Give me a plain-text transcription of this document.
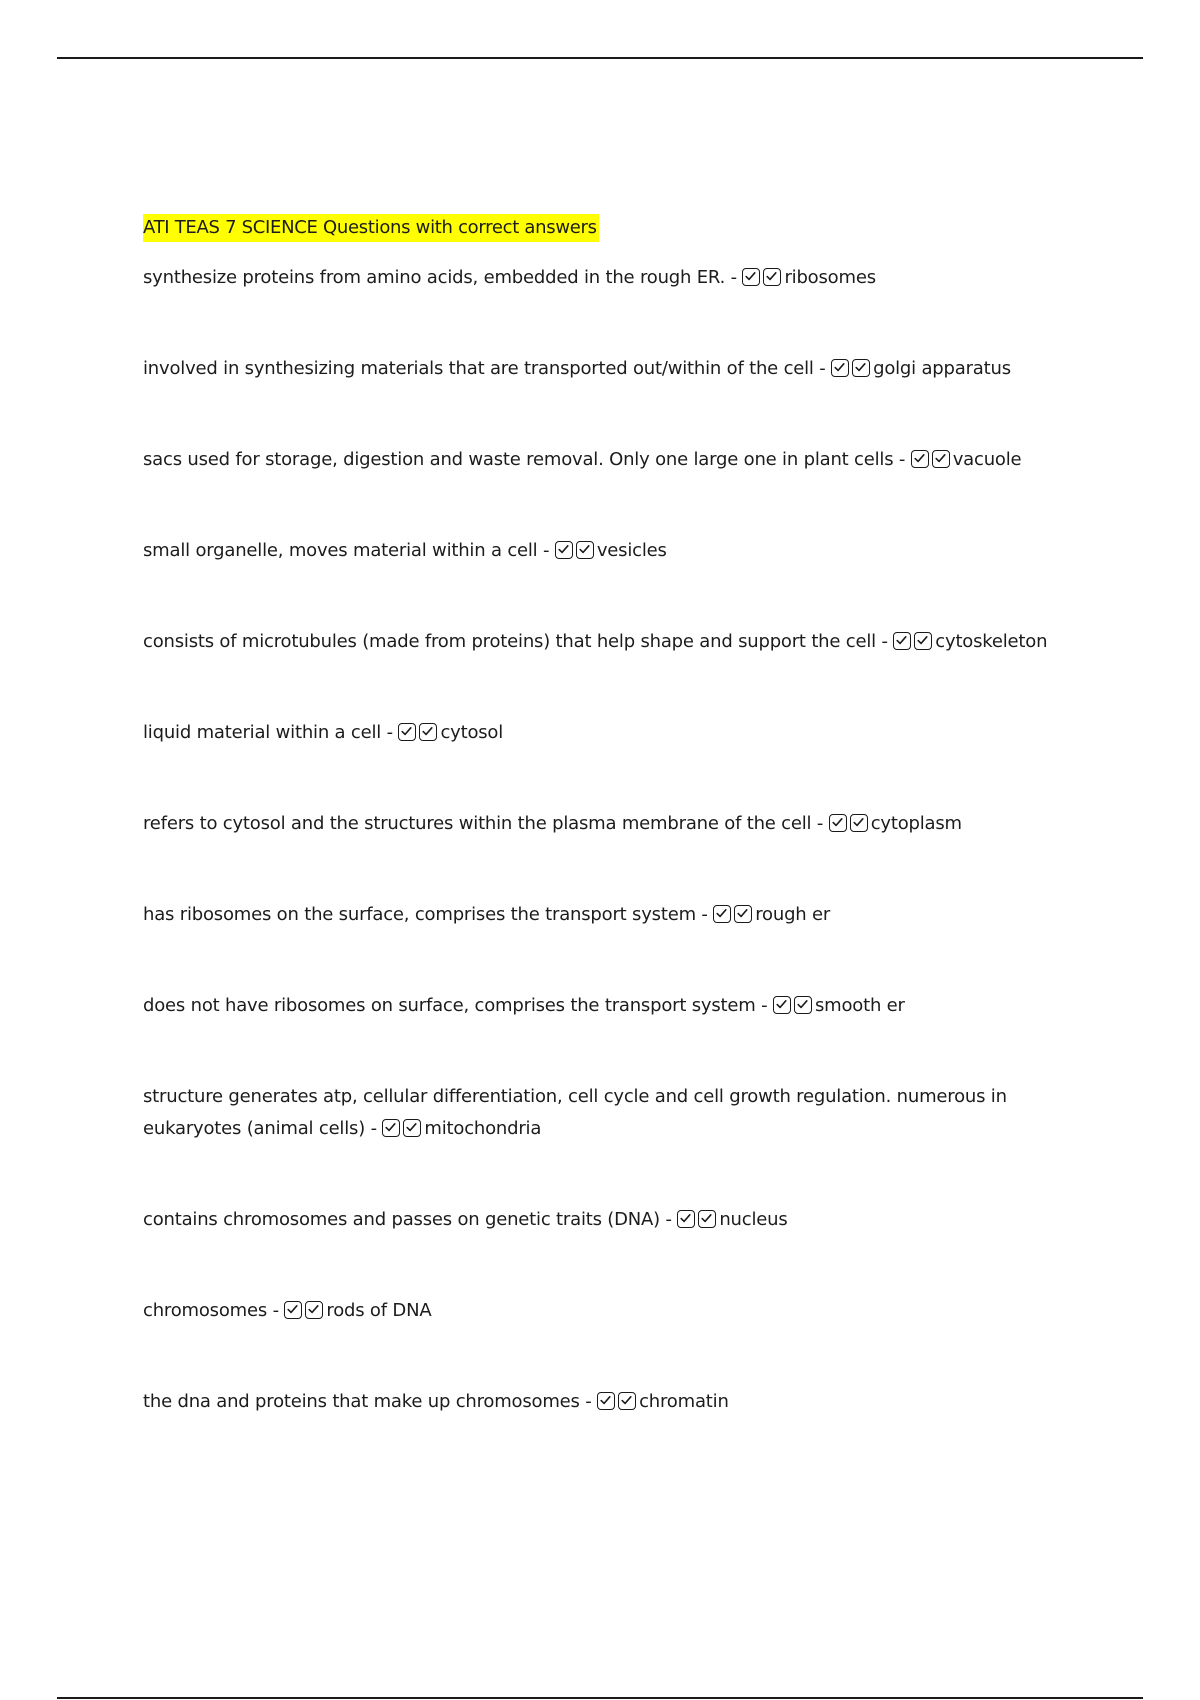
ATI TEAS 7 SCIENCE Questions with correct answers

synthesize proteins from amino acids, embedded in the rough ER. -
ribosomes

involved in synthesizing materials that are transported out/within of the cell -
golgi apparatus

sacs used for storage, digestion and waste removal. Only one large one in plant cells -
vacuole

small organelle, moves material within a cell -
vesicles

consists of microtubules (made from proteins) that help shape and support the cell -
cytoskeleton

liquid material within a cell -
cytosol

refers to cytosol and the structures within the plasma membrane of the cell -
cytoplasm

has ribosomes on the surface, comprises the transport system -
rough er

does not have ribosomes on surface, comprises the transport system -
smooth er

structure generates atp, cellular differentiation, cell cycle and cell growth regulation. numerous in eukaryotes (animal cells) -
mitochondria

contains chromosomes and passes on genetic traits (DNA) -
nucleus

chromosomes -
rods of DNA

the dna and proteins that make up chromosomes -
chromatin
